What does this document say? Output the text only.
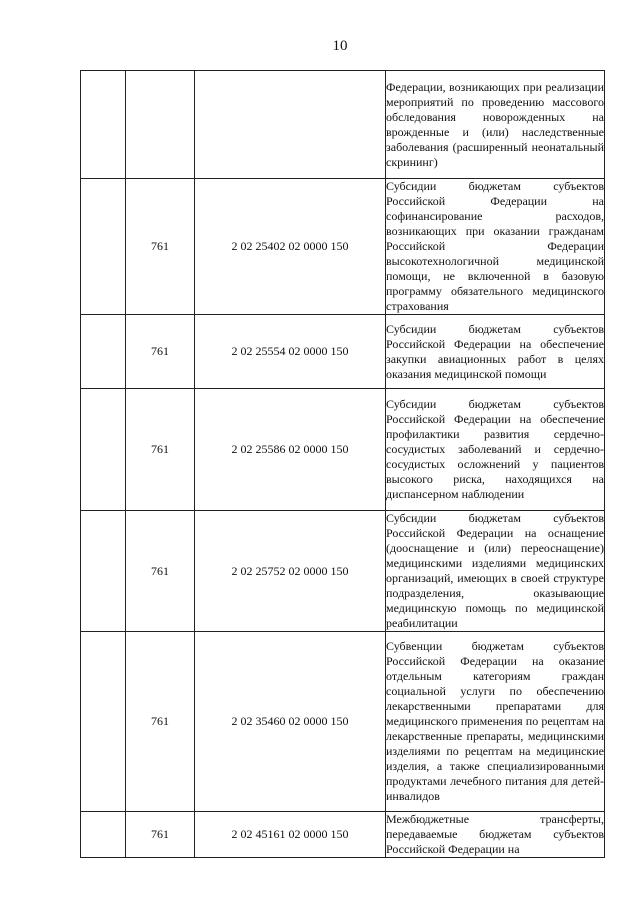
10

			Федерации, возникающих при реализации мероприятий по проведению массового обследования новорожденных на врожденные и (или) наследственные заболевания (расширенный неонатальный скрининг)

	761	2 02 25402 02 0000 150	Субсидии бюджетам субъектов Российской Федерации на софинансирование расходов, возникающих при оказании гражданам Российской Федерации высокотехнологичной медицинской помощи, не включенной в базовую программу обязательного медицинского страхования

	761	2 02 25554 02 0000 150	Субсидии бюджетам субъектов Российской Федерации на обеспечение закупки авиационных работ в целях оказания медицинской помощи

	761	2 02 25586 02 0000 150	Субсидии бюджетам субъектов Российской Федерации на обеспечение профилактики развития сердечно-сосудистых заболеваний и сердечно-сосудистых осложнений у пациентов высокого риска, находящихся на диспансерном наблюдении

	761	2 02 25752 02 0000 150	Субсидии бюджетам субъектов Российской Федерации на оснащение (дооснащение и (или) переоснащение) медицинскими изделиями медицинских организаций, имеющих в своей структуре подразделения, оказывающие медицинскую помощь по медицинской реабилитации

	761	2 02 35460 02 0000 150	Субвенции бюджетам субъектов Российской Федерации на оказание отдельным категориям граждан социальной услуги по обеспечению лекарственными препаратами для медицинского применения по рецептам на лекарственные препараты, медицинскими изделиями по рецептам на медицинские изделия, а также специализированными продуктами лечебного питания для детей-инвалидов

	761	2 02 45161 02 0000 150	Межбюджетные трансферты, передаваемые бюджетам субъектов Российской Федерации на
